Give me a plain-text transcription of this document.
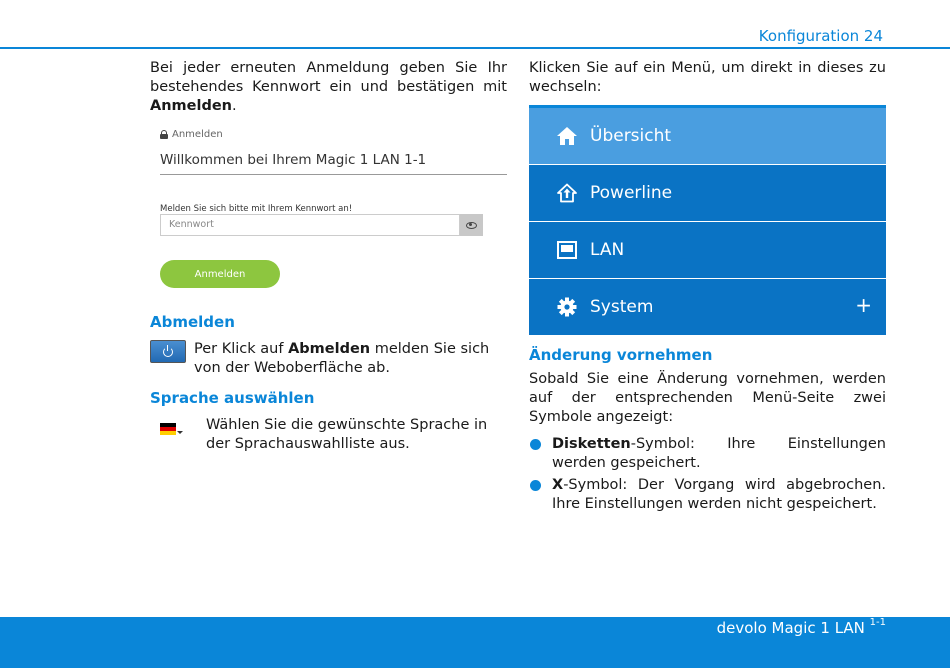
Konfiguration 24

Bei jeder erneuten Anmeldung geben Sie Ihr bestehendes Kennwort ein und bestätigen mit Anmelden.

Anmelden
Willkommen bei Ihrem Magic 1 LAN 1-1
Melden Sie sich bitte mit Ihrem Kennwort an!
Kennwort
Anmelden
Abmelden

Per Klick auf Abmelden melden Sie sich von der Weboberfläche ab.

Sprache auswählen

Wählen Sie die gewünschte Sprache in der Sprachauswahlliste aus.

Klicken Sie auf ein Menü, um direkt in dieses zu wechseln:

Übersicht
Powerline
LAN
System	+
Änderung vornehmen

Sobald Sie eine Änderung vornehmen, werden auf der entsprechenden Menü-Seite zwei Symbole angezeigt:

Disketten-Symbol: Ihre Einstellungen werden gespeichert.
X-Symbol: Der Vorgang wird abgebrochen. Ihre Einstellungen werden nicht gespeichert.
devolo Magic 1 LAN $^{1-1}$
